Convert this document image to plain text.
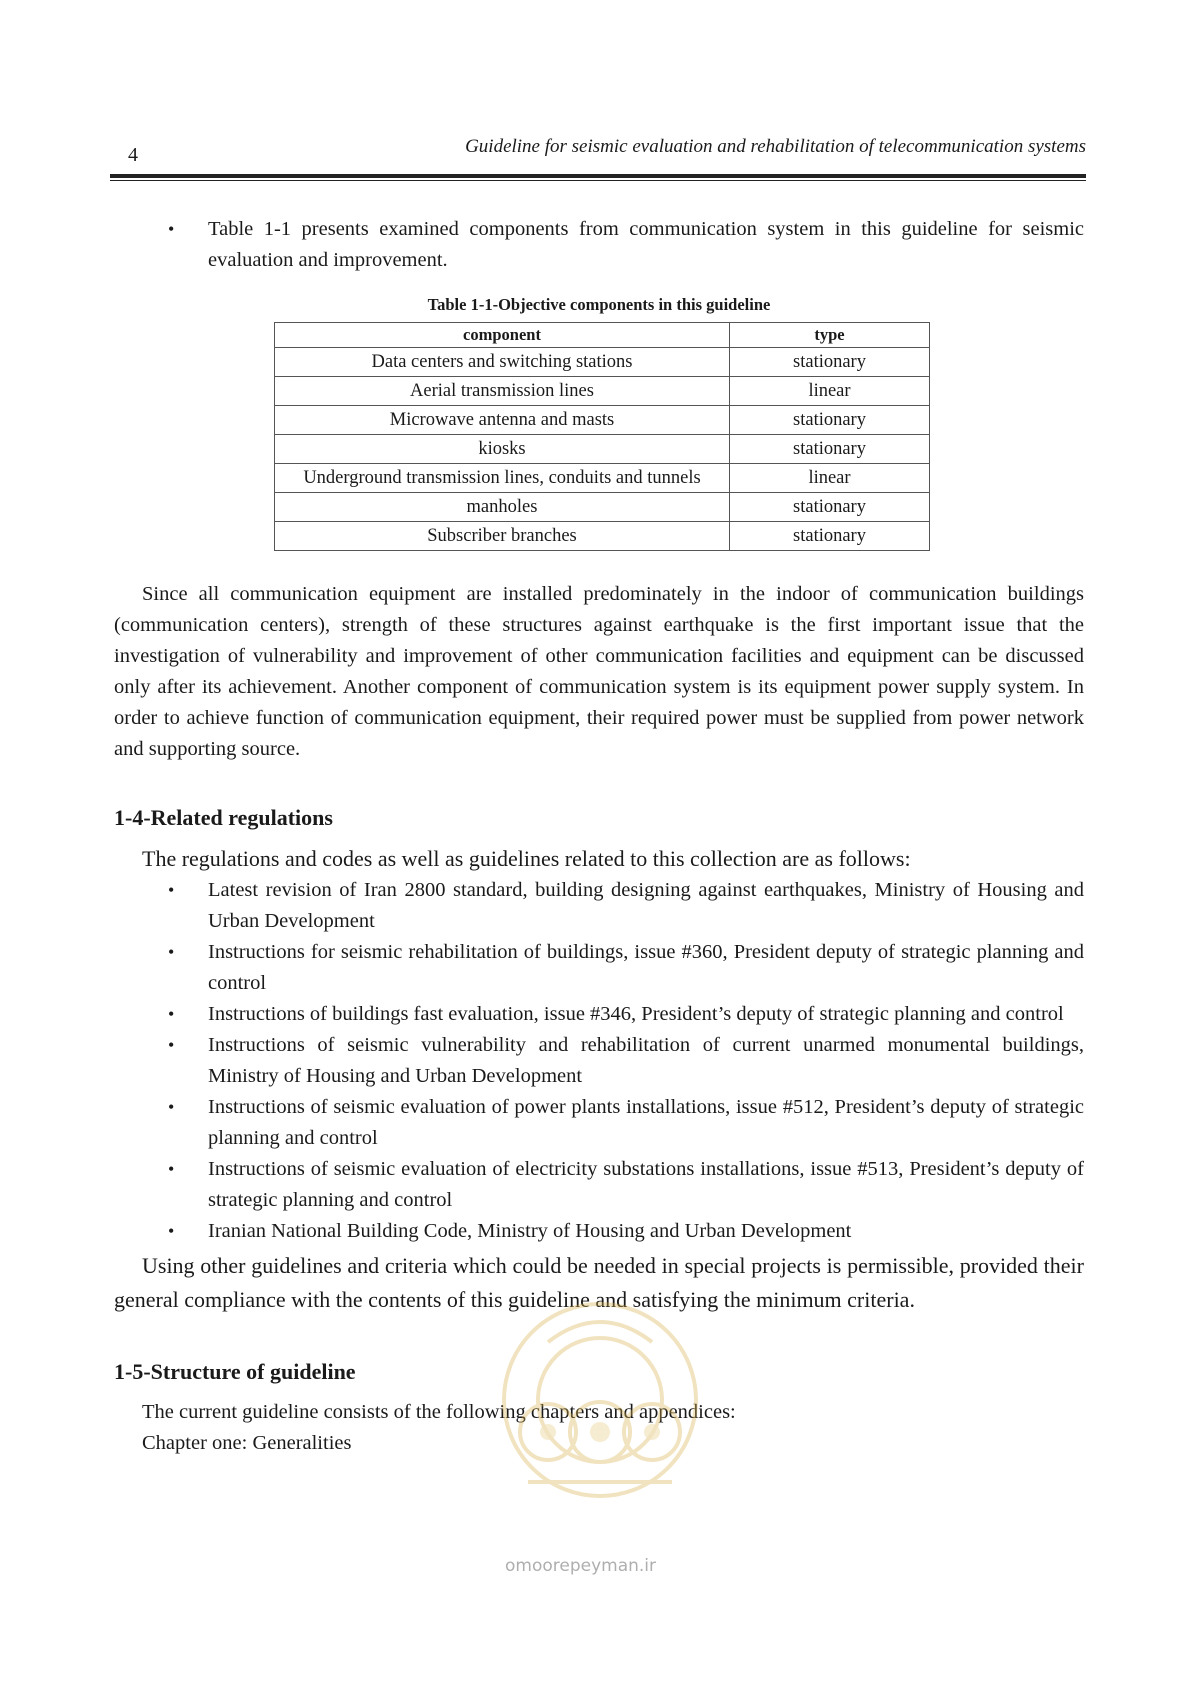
4	Guideline for seismic evaluation and rehabilitation of telecommunication systems
• Table 1-1 presents examined components from communication system in this guideline for seismic evaluation and improvement.
Table 1-1-Objective components in this guideline
component	type
Data centers and switching stations	stationary
Aerial transmission lines	linear
Microwave antenna and masts	stationary
kiosks	stationary
Underground transmission lines, conduits and tunnels	linear
manholes	stationary
Subscriber branches	stationary

Since all communication equipment are installed predominately in the indoor of communication buildings (communication centers), strength of these structures against earthquake is the first important issue that the investigation of vulnerability and improvement of other communication facilities and equipment can be discussed only after its achievement. Another component of communication system is its equipment power supply system. In order to achieve function of communication equipment, their required power must be supplied from power network and supporting source.

1-4-Related regulations

The regulations and codes as well as guidelines related to this collection are as follows:

• Latest revision of Iran 2800 standard, building designing against earthquakes, Ministry of Housing and Urban Development
• Instructions for seismic rehabilitation of buildings, issue #360, President deputy of strategic planning and control
• Instructions of buildings fast evaluation, issue #346, President’s deputy of strategic planning and control
• Instructions of seismic vulnerability and rehabilitation of current unarmed monumental buildings, Ministry of Housing and Urban Development
• Instructions of seismic evaluation of power plants installations, issue #512, President’s deputy of strategic planning and control
• Instructions of seismic evaluation of electricity substations installations, issue #513, President’s deputy of strategic planning and control
• Iranian National Building Code, Ministry of Housing and Urban Development

Using other guidelines and criteria which could be needed in special projects is permissible, provided their general compliance with the contents of this guideline and satisfying the minimum criteria.

1-5-Structure of guideline

The current guideline consists of the following chapters and appendices:

Chapter one: Generalities

omoorepeyman.ir
